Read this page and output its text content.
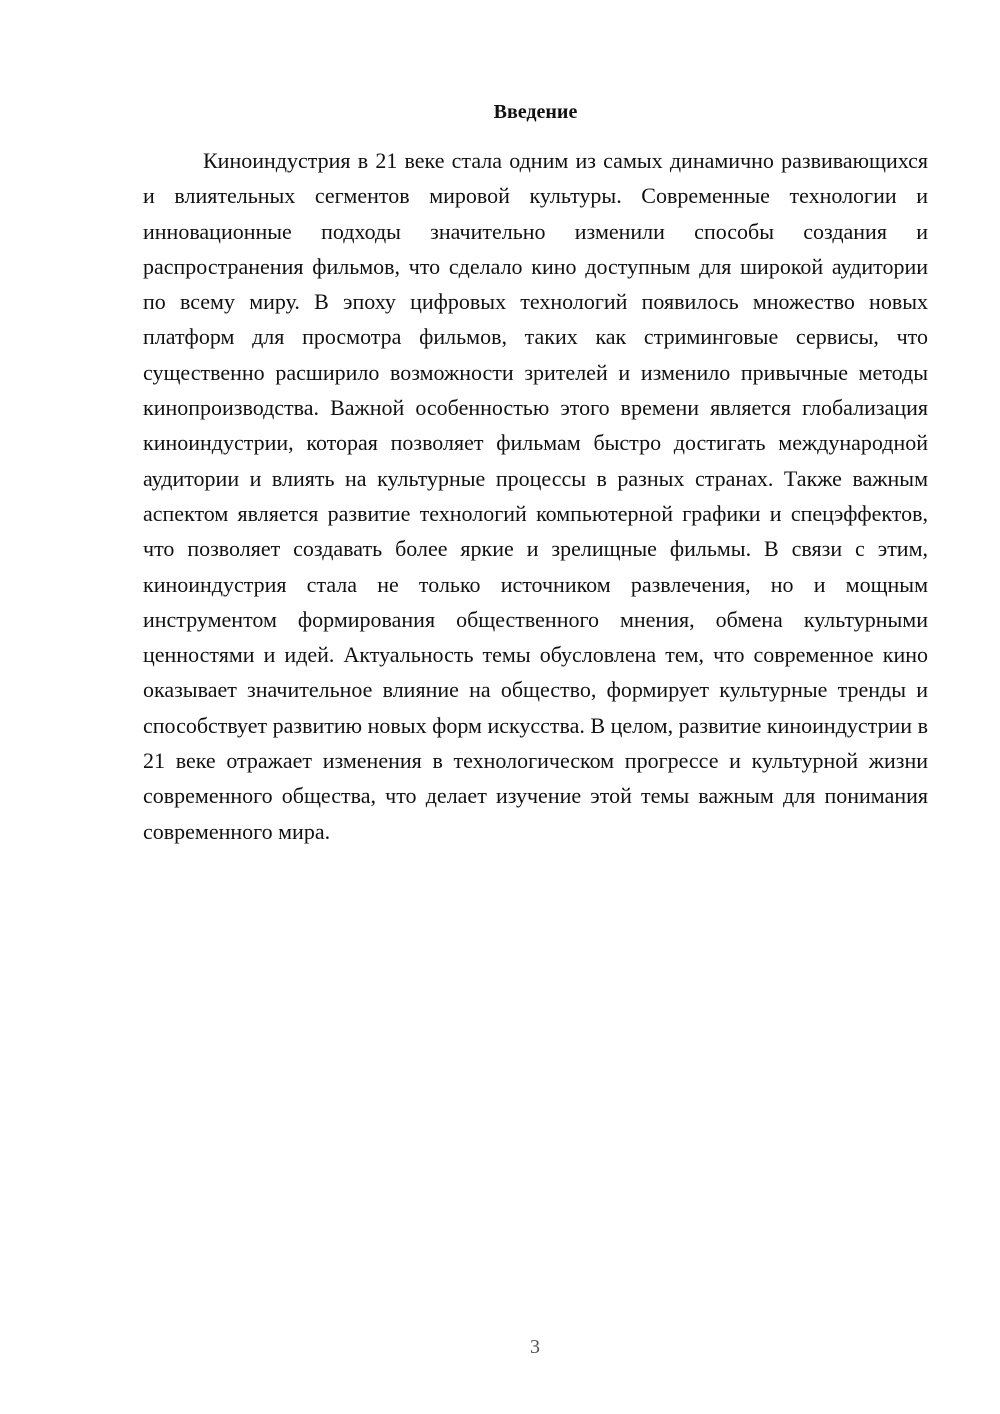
Введение

Киноиндустрия в 21 веке стала одним из самых динамично развивающихся и влиятельных сегментов мировой культуры. Современные технологии и инновационные подходы значительно изменили способы создания и распространения фильмов, что сделало кино доступным для широкой аудитории по всему миру. В эпоху цифровых технологий появилось множество новых платформ для просмотра фильмов, таких как стриминговые сервисы, что существенно расширило возможности зрителей и изменило привычные методы кинопроизводства. Важной особенностью этого времени является глобализация киноиндустрии, которая позволяет фильмам быстро достигать международной аудитории и влиять на культурные процессы в разных странах. Также важным аспектом является развитие технологий компьютерной графики и спецэффектов, что позволяет создавать более яркие и зрелищные фильмы. В связи с этим, киноиндустрия стала не только источником развлечения, но и мощным инструментом формирования общественного мнения, обмена культурными ценностями и идей. Актуальность темы обусловлена тем, что современное кино оказывает значительное влияние на общество, формирует культурные тренды и способствует развитию новых форм искусства. В целом, развитие киноиндустрии в 21 веке отражает изменения в технологическом прогрессе и культурной жизни современного общества, что делает изучение этой темы важным для понимания современного мира.

3
